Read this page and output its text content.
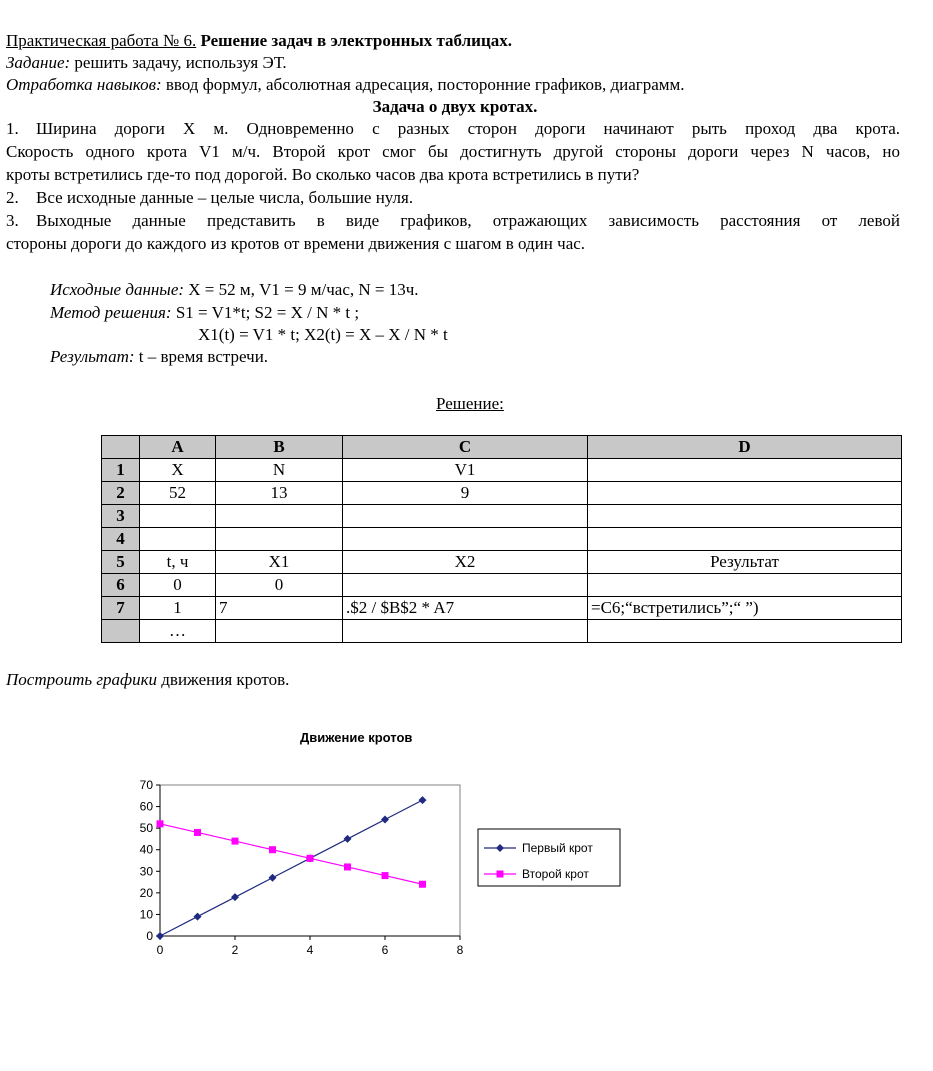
Практическая работа № 6. Решение задач в электронных таблицах.
Задание: решить задачу, используя ЭТ.
Отработка навыков: ввод формул, абсолютная адресация, посторонние графиков, диаграмм.
Задача о двух кротах.
1. Ширина дороги X м. Одновременно с разных сторон дороги начинают рыть проход два крота.
Скорость одного крота V1 м/ч. Второй крот смог бы достигнуть другой стороны дороги через N часов, но
кроты встретились где-то под дорогой. Во сколько часов два крота встретились в пути?
2. Все исходные данные – целые числа, большие нуля.
3. Выходные данные представить в виде графиков, отражающих зависимость расстояния от левой
стороны дороги до каждого из кротов от времени движения с шагом в один час.
Исходные данные: X = 52 м, V1 = 9 м/час, N = 13ч.
Метод решения: S1 = V1*t; S2 = X / N * t ;
X1(t) = V1 * t; X2(t) = X – X / N * t
Результат: t – время встречи.
Решение:
	A	B	C	D
1	X	N	V1	
2	52	13	9	
3				
4				
5	t, ч	X1	X2	Результат
6	0	0		
7	1	7	.$2 / $B$2 * A7	=C6;“встретились”;“ ”)
	…			
Построить графики движения кротов.
Движение кротов
0
10
20
30
40
50
60
70
0	2	4	6	8
Первый крот
Второй крот
